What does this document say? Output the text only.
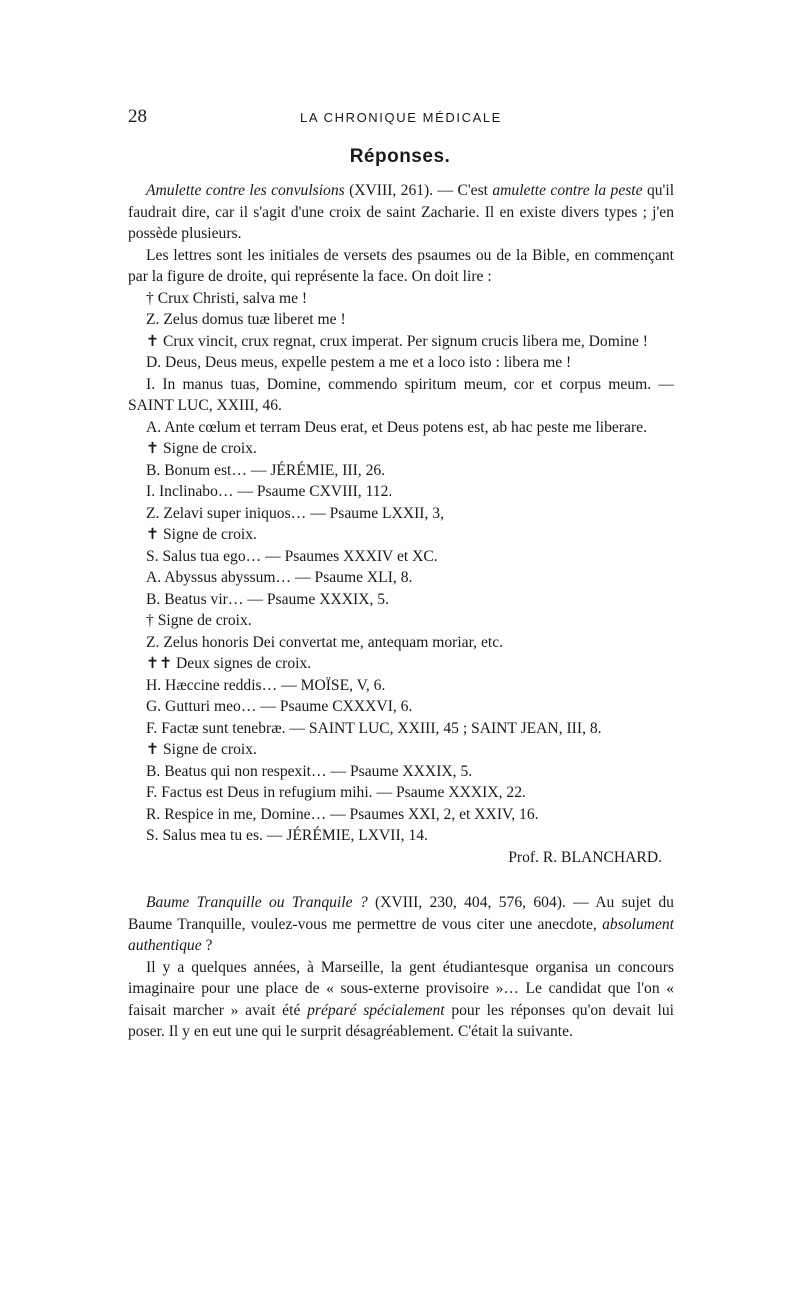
28	LA CHRONIQUE MÉDICALE
Réponses.

Amulette contre les convulsions (XVIII, 261). — C'est amulette contre la peste qu'il faudrait dire, car il s'agit d'une croix de saint Zacharie. Il en existe divers types ; j'en possède plusieurs.

Les lettres sont les initiales de versets des psaumes ou de la Bible, en commençant par la figure de droite, qui représente la face. On doit lire :

† Crux Christi, salva me !

Z. Zelus domus tuæ liberet me !

✝ Crux vincit, crux regnat, crux imperat. Per signum crucis libera me, Domine !

D. Deus, Deus meus, expelle pestem a me et a loco isto : libera me !

I. In manus tuas, Domine, commendo spiritum meum, cor et corpus meum. — SAINT LUC, XXIII, 46.

A. Ante cœlum et terram Deus erat, et Deus potens est, ab hac peste me liberare.

✝ Signe de croix.

B. Bonum est… — JÉRÉMIE, III, 26.

I. Inclinabo… — Psaume CXVIII, 112.

Z. Zelavi super iniquos… — Psaume LXXII, 3,

✝ Signe de croix.

S. Salus tua ego… — Psaumes XXXIV et XC.

A. Abyssus abyssum… — Psaume XLI, 8.

B. Beatus vir… — Psaume XXXIX, 5.

† Signe de croix.

Z. Zelus honoris Dei convertat me, antequam moriar, etc.

✝✝ Deux signes de croix.

H. Hæccine reddis… — MOÏSE, V, 6.

G. Gutturi meo… — Psaume CXXXVI, 6.

F. Factæ sunt tenebræ. — SAINT LUC, XXIII, 45 ; SAINT JEAN, III, 8.

✝ Signe de croix.

B. Beatus qui non respexit… — Psaume XXXIX, 5.

F. Factus est Deus in refugium mihi. — Psaume XXXIX, 22.

R. Respice in me, Domine… — Psaumes XXI, 2, et XXIV, 16.

S. Salus mea tu es. — JÉRÉMIE, LXVII, 14.

Prof. R. BLANCHARD.

Baume Tranquille ou Tranquile ? (XVIII, 230, 404, 576, 604). — Au sujet du Baume Tranquille, voulez-vous me permettre de vous citer une anecdote, absolument authentique ?

Il y a quelques années, à Marseille, la gent étudiantesque organisa un concours imaginaire pour une place de « sous-externe provisoire »… Le candidat que l'on « faisait marcher » avait été préparé spécialement pour les réponses qu'on devait lui poser. Il y en eut une qui le surprit désagréablement. C'était la suivante.
